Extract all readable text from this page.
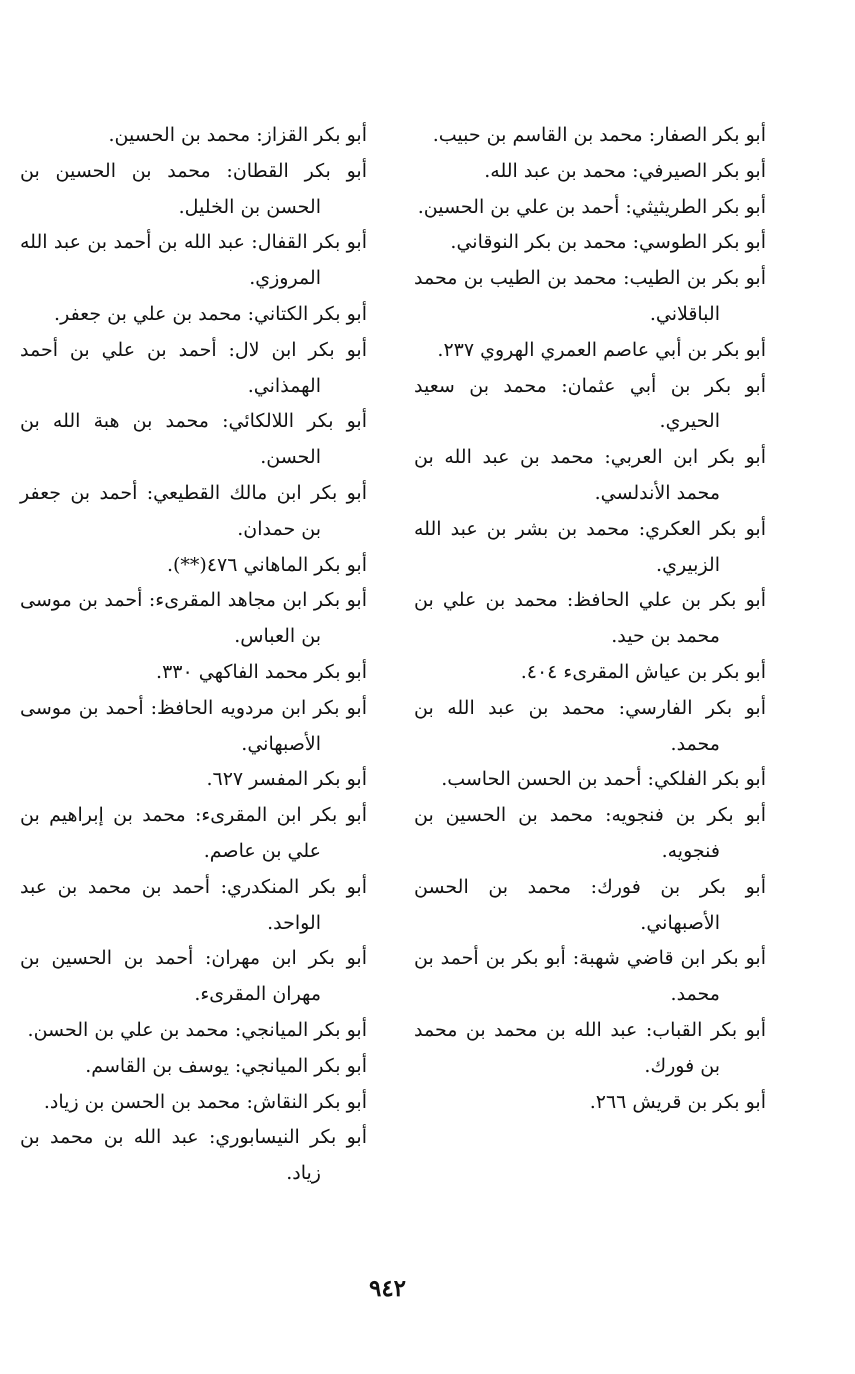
أبو بكر الصفار: محمد بن القاسم بن حبيب.

أبو بكر الصيرفي: محمد بن عبد الله.

أبو بكر الطريثيثي: أحمد بن علي بن الحسين.

أبو بكر الطوسي: محمد بن بكر النوقاني.

أبو بكر بن الطيب: محمد بن الطيب بن محمد الباقلاني.

أبو بكر بن أبي عاصم العمري الهروي ٢٣٧.

أبو بكر بن أبي عثمان: محمد بن سعيد الحيري.

أبو بكر ابن العربي: محمد بن عبد الله بن محمد الأندلسي.

أبو بكر العكري: محمد بن بشر بن عبد الله الزبيري.

أبو بكر بن علي الحافظ: محمد بن علي بن محمد بن حيد.

أبو بكر بن عياش المقرىء ٤٠٤.

أبو بكر الفارسي: محمد بن عبد الله بن محمد.

أبو بكر الفلكي: أحمد بن الحسن الحاسب.

أبو بكر بن فنجويه: محمد بن الحسين بن فنجويه.

أبو بكر بن فورك: محمد بن الحسن الأصبهاني.

أبو بكر ابن قاضي شهبة: أبو بكر بن أحمد بن محمد.

أبو بكر القباب: عبد الله بن محمد بن محمد بن فورك.

أبو بكر بن قريش ٢٦٦.

أبو بكر القزاز: محمد بن الحسين.

أبو بكر القطان: محمد بن الحسين بن الحسن بن الخليل.

أبو بكر القفال: عبد الله بن أحمد بن عبد الله المروزي.

أبو بكر الكتاني: محمد بن علي بن جعفر.

أبو بكر ابن لال: أحمد بن علي بن أحمد الهمذاني.

أبو بكر اللالكائي: محمد بن هبة الله بن الحسن.

أبو بكر ابن مالك القطيعي: أحمد بن جعفر بن حمدان.

أبو بكر الماهاني ٤٧٦(**).

أبو بكر ابن مجاهد المقرىء: أحمد بن موسى بن العباس.

أبو بكر محمد الفاكهي ٣٣٠.

أبو بكر ابن مردويه الحافظ: أحمد بن موسى الأصبهاني.

أبو بكر المفسر ٦٢٧.

أبو بكر ابن المقرىء: محمد بن إبراهيم بن علي بن عاصم.

أبو بكر المنكدري: أحمد بن محمد بن عبد الواحد.

أبو بكر ابن مهران: أحمد بن الحسين بن مهران المقرىء.

أبو بكر الميانجي: محمد بن علي بن الحسن.

أبو بكر الميانجي: يوسف بن القاسم.

أبو بكر النقاش: محمد بن الحسن بن زياد.

أبو بكر النيسابوري: عبد الله بن محمد بن زياد.

٩٤٢
